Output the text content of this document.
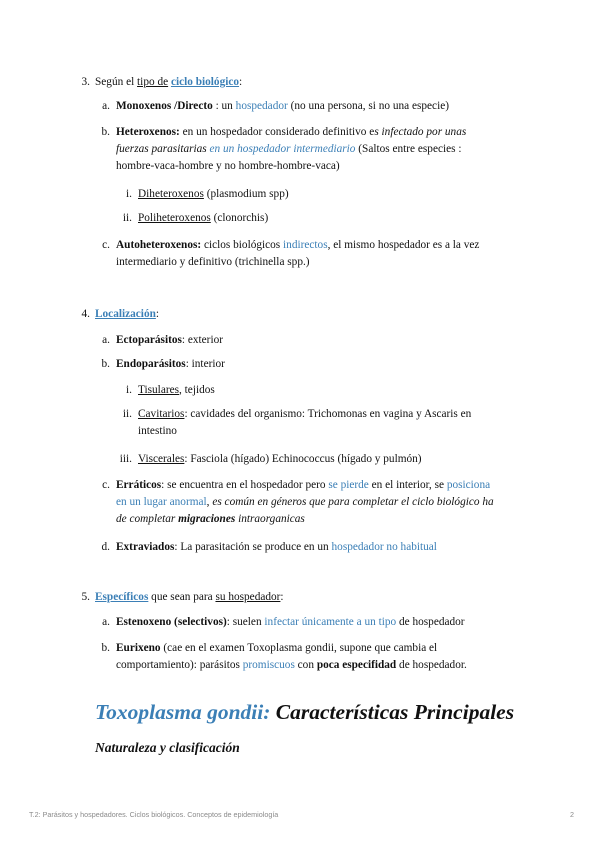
3. Según el tipo de ciclo biológico:
a. Monoxenos /Directo : un hospedador (no una persona, si no una especie)
b. Heteroxenos: en un hospedador considerado definitivo es infectado por unas
fuerzas parasitarias en un hospedador intermediario (Saltos entre especies :
hombre-vaca-hombre y no hombre-hombre-vaca)
i. Diheteroxenos (plasmodium spp)
ii. Poliheteroxenos (clonorchis)
c. Autoheteroxenos: ciclos biológicos indirectos, el mismo hospedador es a la vez
intermediario y definitivo (trichinella spp.)
4. Localización:
a. Ectoparásitos: exterior
b. Endoparásitos: interior
i. Tisulares, tejidos
ii. Cavitarios: cavidades del organismo: Trichomonas en vagina y Ascaris en
intestino
iii. Viscerales: Fasciola (hígado) Echinococcus (hígado y pulmón)
c. Erráticos: se encuentra en el hospedador pero se pierde en el interior, se posiciona
en un lugar anormal, es común en géneros que para completar el ciclo biológico ha
de completar migraciones intraorganicas
d. Extraviados: La parasitación se produce en un hospedador no habitual
5. Específicos que sean para su hospedador:
a. Estenoxeno (selectivos): suelen infectar únicamente a un tipo de hospedador
b. Eurixeno (cae en el examen Toxoplasma gondii, supone que cambia el
comportamiento): parásitos promiscuos con poca especifidad de hospedador.
Toxoplasma gondii: Características Principales
Naturaleza y clasificación
T.2: Parásitos y hospedadores. Ciclos biológicos. Conceptos de epidemiología	2
